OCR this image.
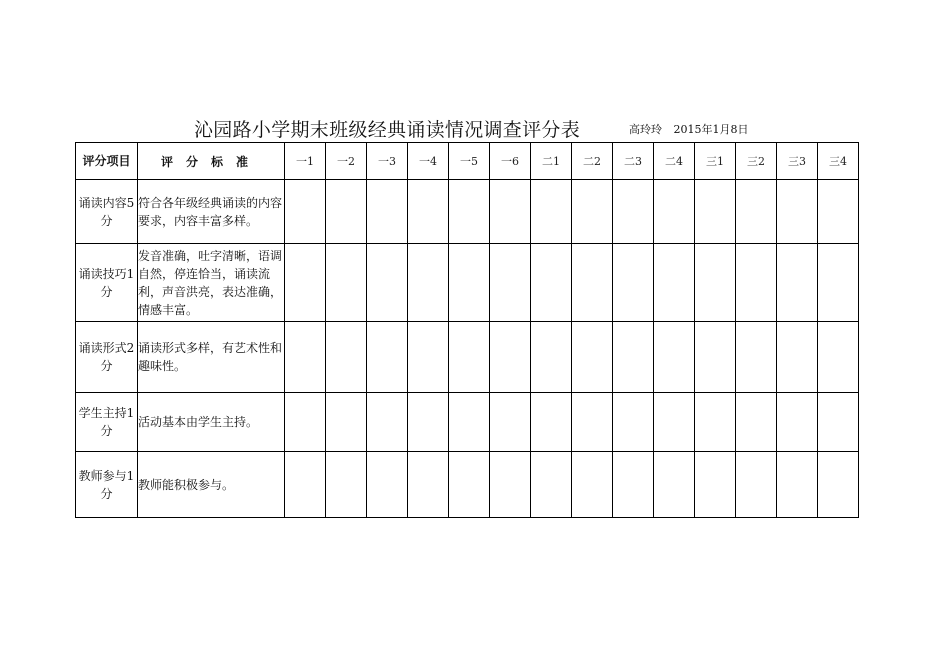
沁园路小学期末班级经典诵读情况调查评分表	高玲玲 2015年1月8日
评分项目	评分标准	一1	一2	一3	一4	一5	一6	二1	二2	二3	二4	三1	三2	三3	三4
诵读内容5分	符合各年级经典诵读的内容要求，内容丰富多样。														
诵读技巧1分	发音准确，吐字清晰，语调自然，停连恰当，诵读流利，声音洪亮，表达准确，情感丰富。														
诵读形式2分	诵读形式多样，有艺术性和趣味性。														
学生主持1分	活动基本由学生主持。														
教师参与1分	教师能积极参与。														
